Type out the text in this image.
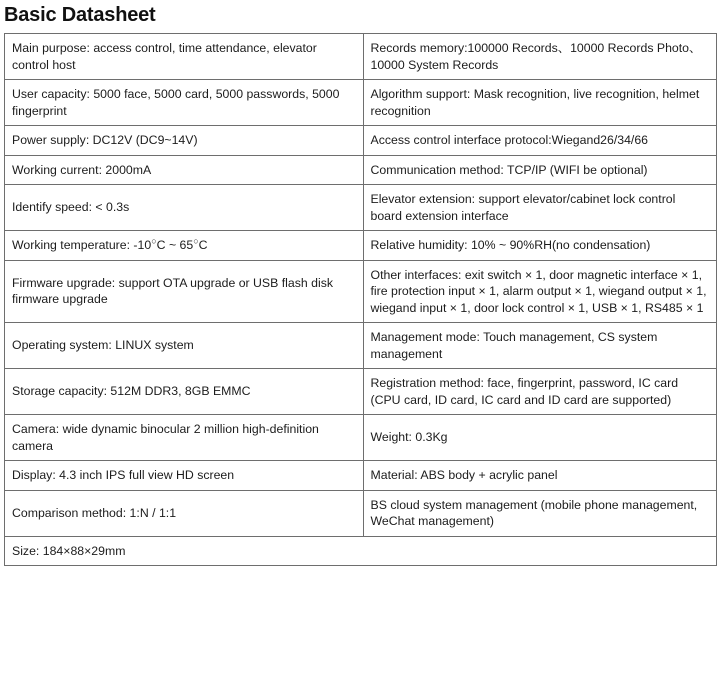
Basic Datasheet
Main purpose: access control, time attendance, elevator control host	Records memory:100000 Records、10000 Records Photo、10000 System Records
User capacity: 5000 face, 5000 card, 5000 passwords, 5000 fingerprint	Algorithm support: Mask recognition, live recognition, helmet recognition
Power supply: DC12V (DC9~14V)	Access control interface protocol:Wiegand26/34/66
Working current: 2000mA	Communication method: TCP/IP (WIFI be optional)
Identify speed: < 0.3s	Elevator extension: support elevator/cabinet lock control board extension interface
Working temperature: -10○C ~ 65○C	Relative humidity: 10% ~ 90%RH(no condensation)
Firmware upgrade: support OTA upgrade or USB flash disk firmware upgrade	Other interfaces: exit switch × 1, door magnetic interface × 1, fire protection input × 1, alarm output × 1, wiegand output × 1, wiegand input × 1, door lock control × 1, USB × 1, RS485 × 1
Operating system: LINUX system	Management mode: Touch management, CS system management
Storage capacity: 512M DDR3, 8GB EMMC	Registration method: face, fingerprint, password, IC card (CPU card, ID card, IC card and ID card are supported)
Camera: wide dynamic binocular 2 million high-definition camera	Weight: 0.3Kg
Display: 4.3 inch IPS full view HD screen	Material: ABS body + acrylic panel
Comparison method: 1:N / 1:1	BS cloud system management (mobile phone management, WeChat management)
Size: 184×88×29mm	
